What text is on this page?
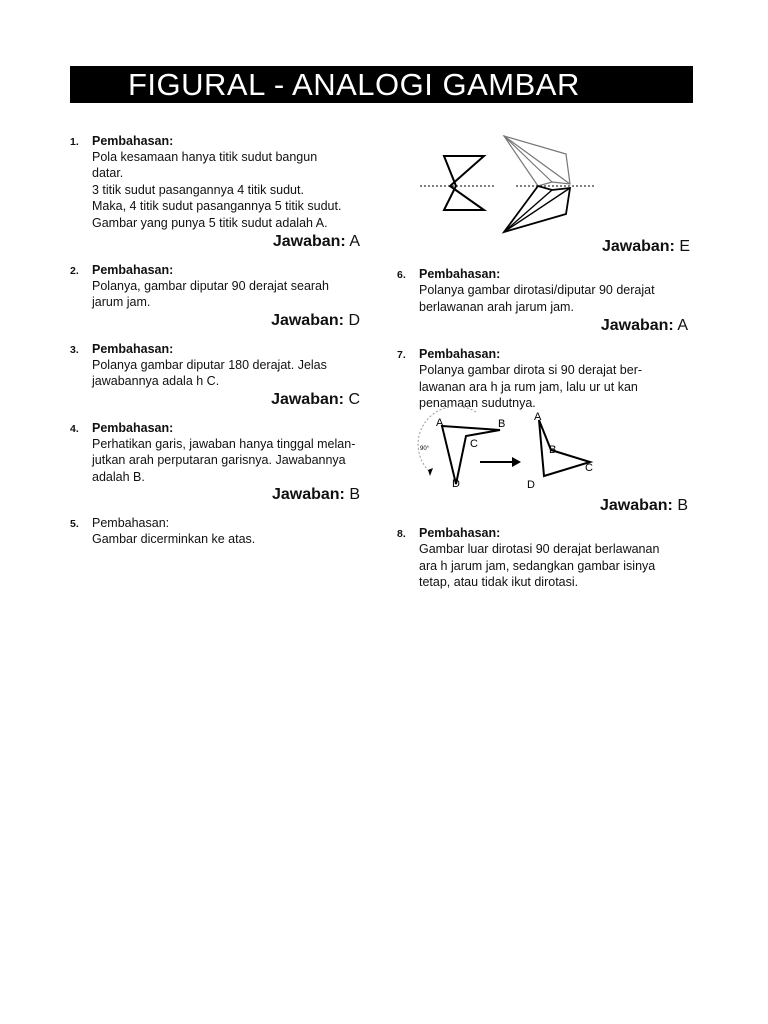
FIGURAL - ANALOGI GAMBAR
1. Pembahasan:
Pola kesamaan hanya titik sudut bangun
datar.
3 titik sudut pasangannya 4 titik sudut.
Maka, 4 titik sudut pasangannya 5 titik sudut.
Gambar yang punya 5 titik sudut adalah A.
Jawaban: A
2. Pembahasan:
Polanya, gambar diputar 90 derajat searah
jarum jam.
Jawaban: D
3. Pembahasan:
Polanya gambar diputar 180 derajat. Jelas
jawabannya adala h C.
Jawaban: C
4. Pembahasan:
Perhatikan garis, jawaban hanya tinggal melan-
jutkan arah perputaran garisnya. Jawabannya
adalah B.
Jawaban: B
5. Pembahasan:
Gambar dicerminkan ke atas.
Jawaban: E
6. Pembahasan:
Polanya gambar dirotasi/diputar 90 derajat
berlawanan arah jarum jam.
Jawaban: A
7. Pembahasan:
Polanya gambar dirota si 90 derajat ber-
lawanan ara h ja rum jam, lalu ur ut kan
penamaan sudutnya.
90°
A	B
C
D
A
B
C
D
Jawaban: B
8. Pembahasan:
Gambar luar dirotasi 90 derajat berlawanan
ara h jarum jam, sedangkan gambar isinya
tetap, atau tidak ikut dirotasi.
